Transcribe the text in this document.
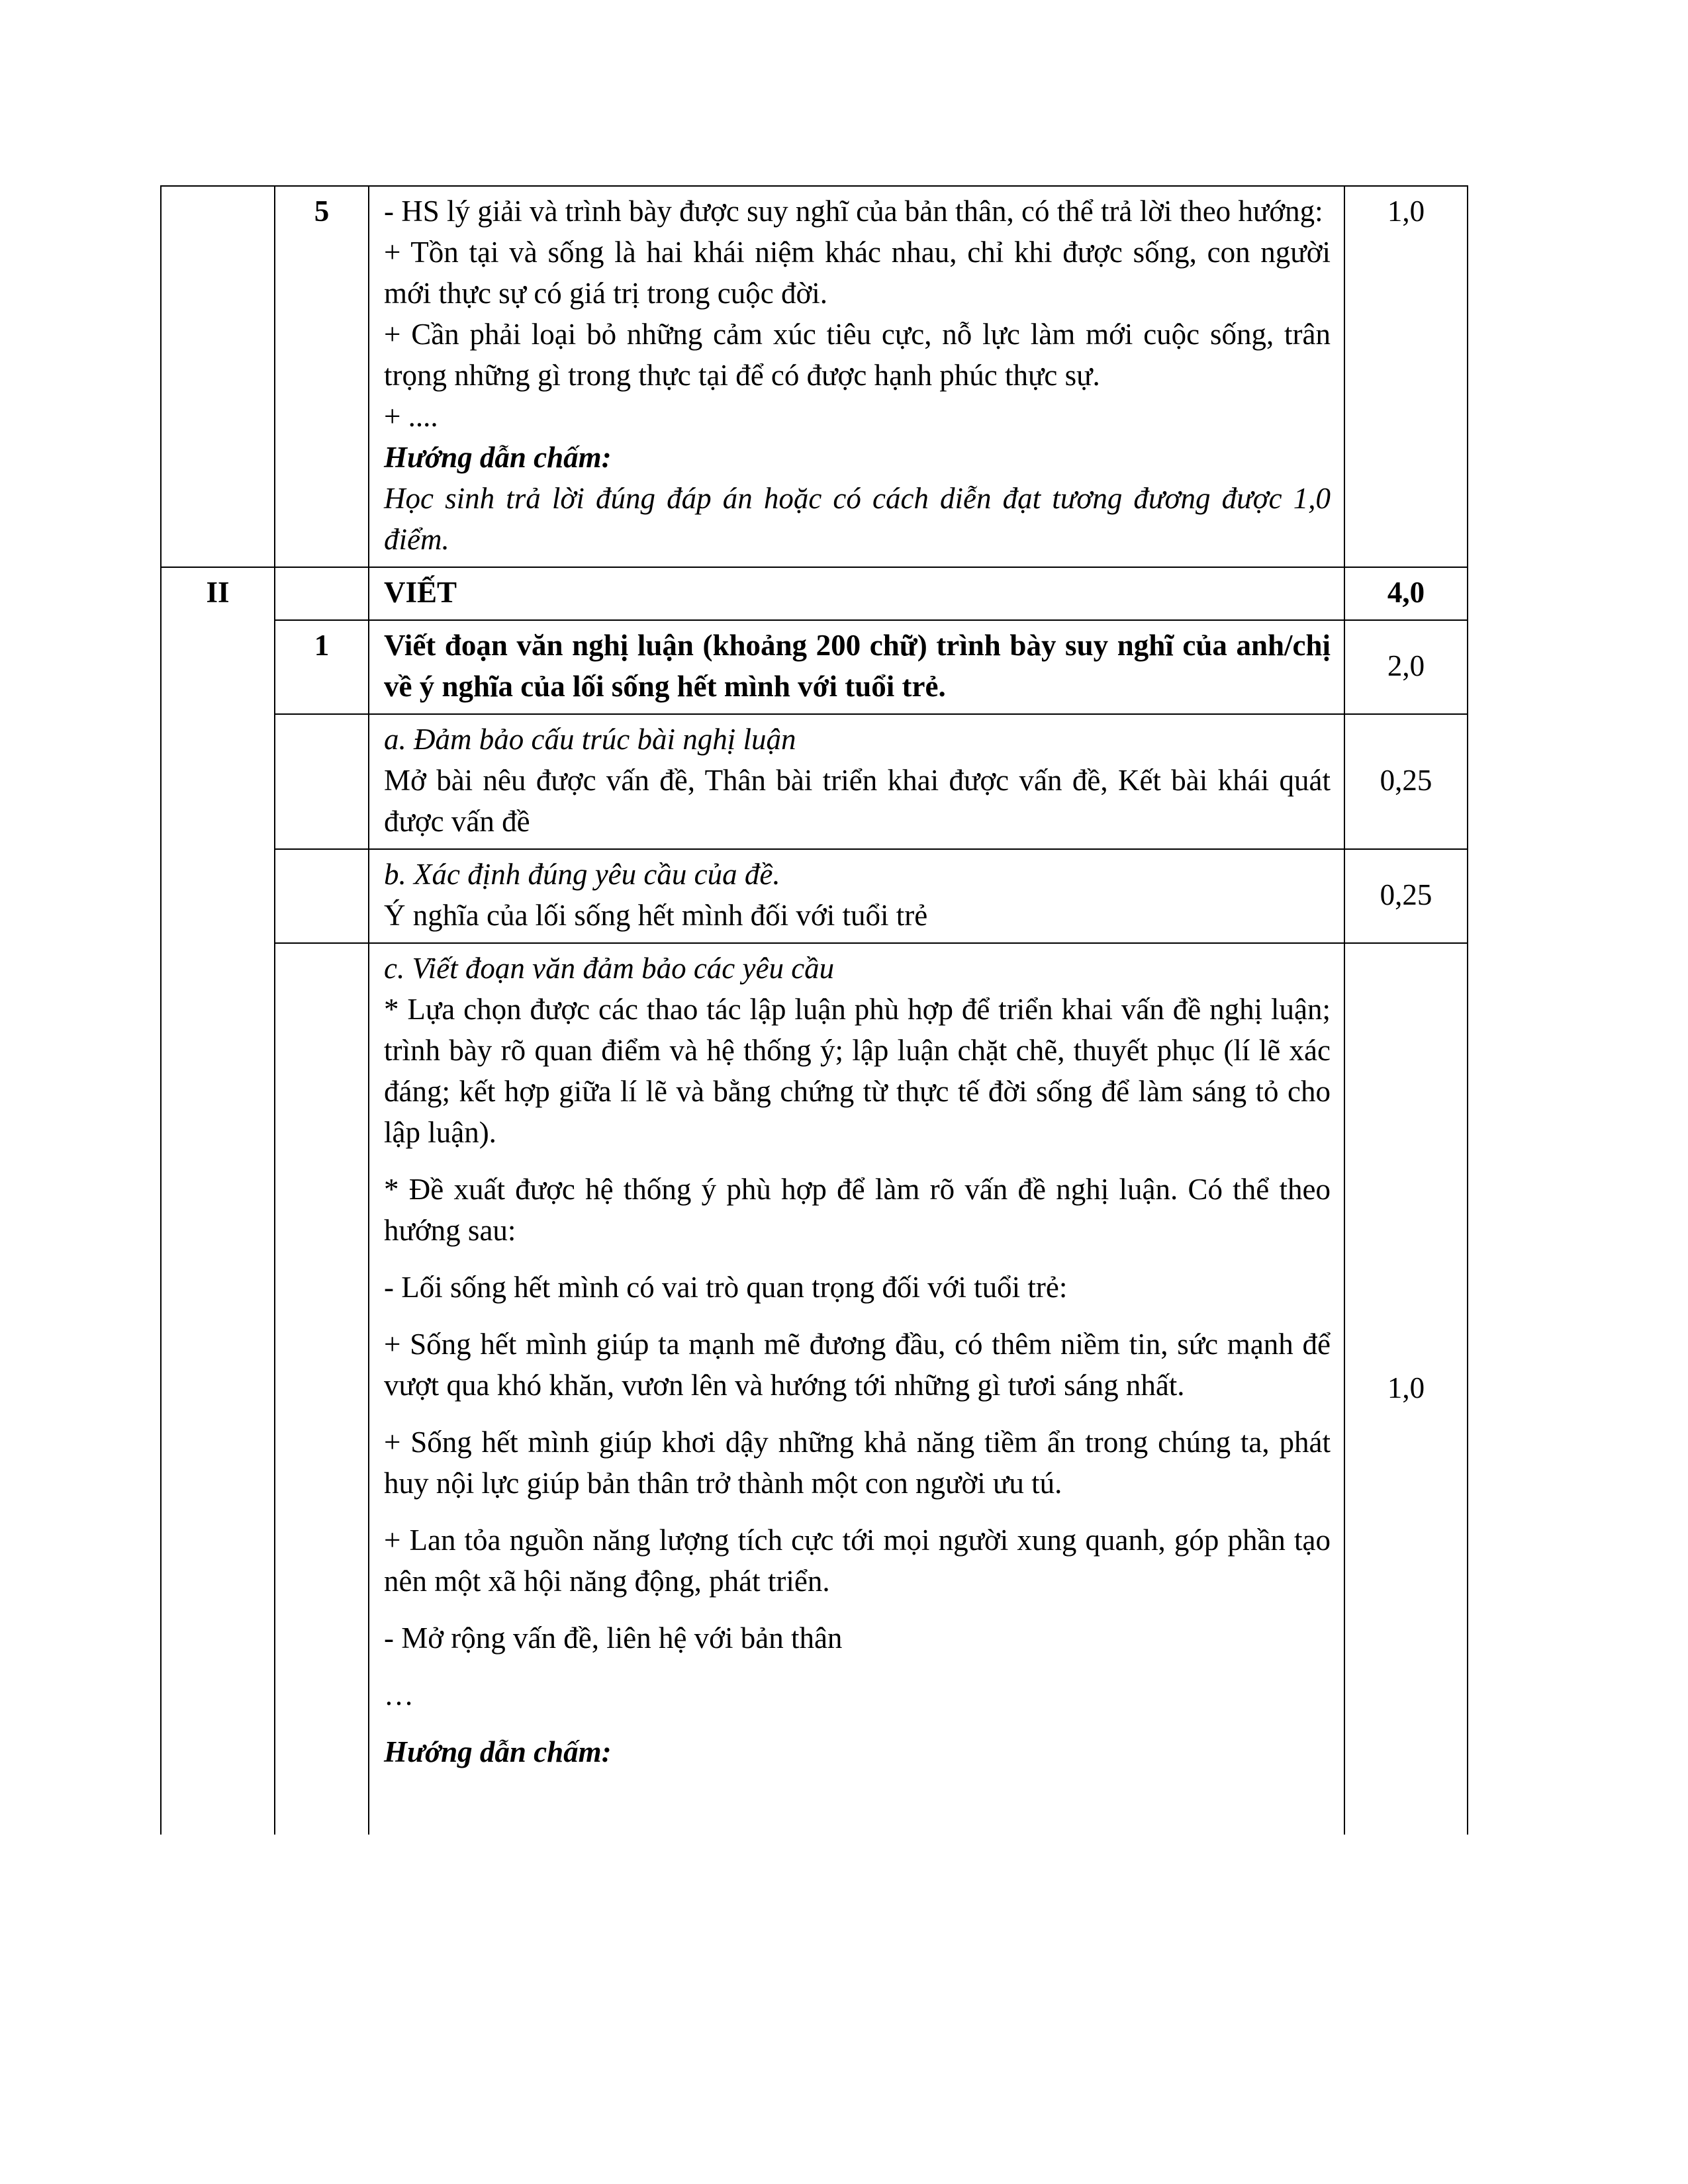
	5	- HS lý giải và trình bày được suy nghĩ của bản thân, có thể trả lời theo hướng:

+ Tồn tại và sống là hai khái niệm khác nhau, chỉ khi được sống, con người mới thực sự có giá trị trong cuộc đời.

+ Cần phải loại bỏ những cảm xúc tiêu cực, nỗ lực làm mới cuộc sống, trân trọng những gì trong thực tại để có được hạnh phúc thực sự.

+ ....

Hướng dẫn chấm:

Học sinh trả lời đúng đáp án hoặc có cách diễn đạt tương đương được 1,0 điểm.

	1,0
II		VIẾT	4,0
	1	Viết đoạn văn nghị luận (khoảng 200 chữ) trình bày suy nghĩ của anh/chị về ý nghĩa của lối sống hết mình với tuổi trẻ.	2,0

		a. Đảm bảo cấu trúc bài nghị luận

Mở bài nêu được vấn đề, Thân bài triển khai được vấn đề, Kết bài khái quát được vấn đề	0,25

		b. Xác định đúng yêu cầu của đề.

Ý nghĩa của lối sống hết mình đối với tuổi trẻ	0,25

c. Viết đoạn văn đảm bảo các yêu cầu

* Lựa chọn được các thao tác lập luận phù hợp để triển khai vấn đề nghị luận; trình bày rõ quan điểm và hệ thống ý; lập luận chặt chẽ, thuyết phục (lí lẽ xác đáng; kết hợp giữa lí lẽ và bằng chứng từ thực tế đời sống để làm sáng tỏ cho lập luận).

* Đề xuất được hệ thống ý phù hợp để làm rõ vấn đề nghị luận. Có thể theo hướng sau:

- Lối sống hết mình có vai trò quan trọng đối với tuổi trẻ:

+ Sống hết mình giúp ta mạnh mẽ đương đầu, có thêm niềm tin, sức mạnh để vượt qua khó khăn, vươn lên và hướng tới những gì tươi sáng nhất.

+ Sống hết mình giúp khơi dậy những khả năng tiềm ẩn trong chúng ta, phát huy nội lực giúp bản thân trở thành một con người ưu tú.

+ Lan tỏa nguồn năng lượng tích cực tới mọi người xung quanh, góp phần tạo nên một xã hội năng động, phát triển.

- Mở rộng vấn đề, liên hệ với bản thân

…

Hướng dẫn chấm:

	1,0
